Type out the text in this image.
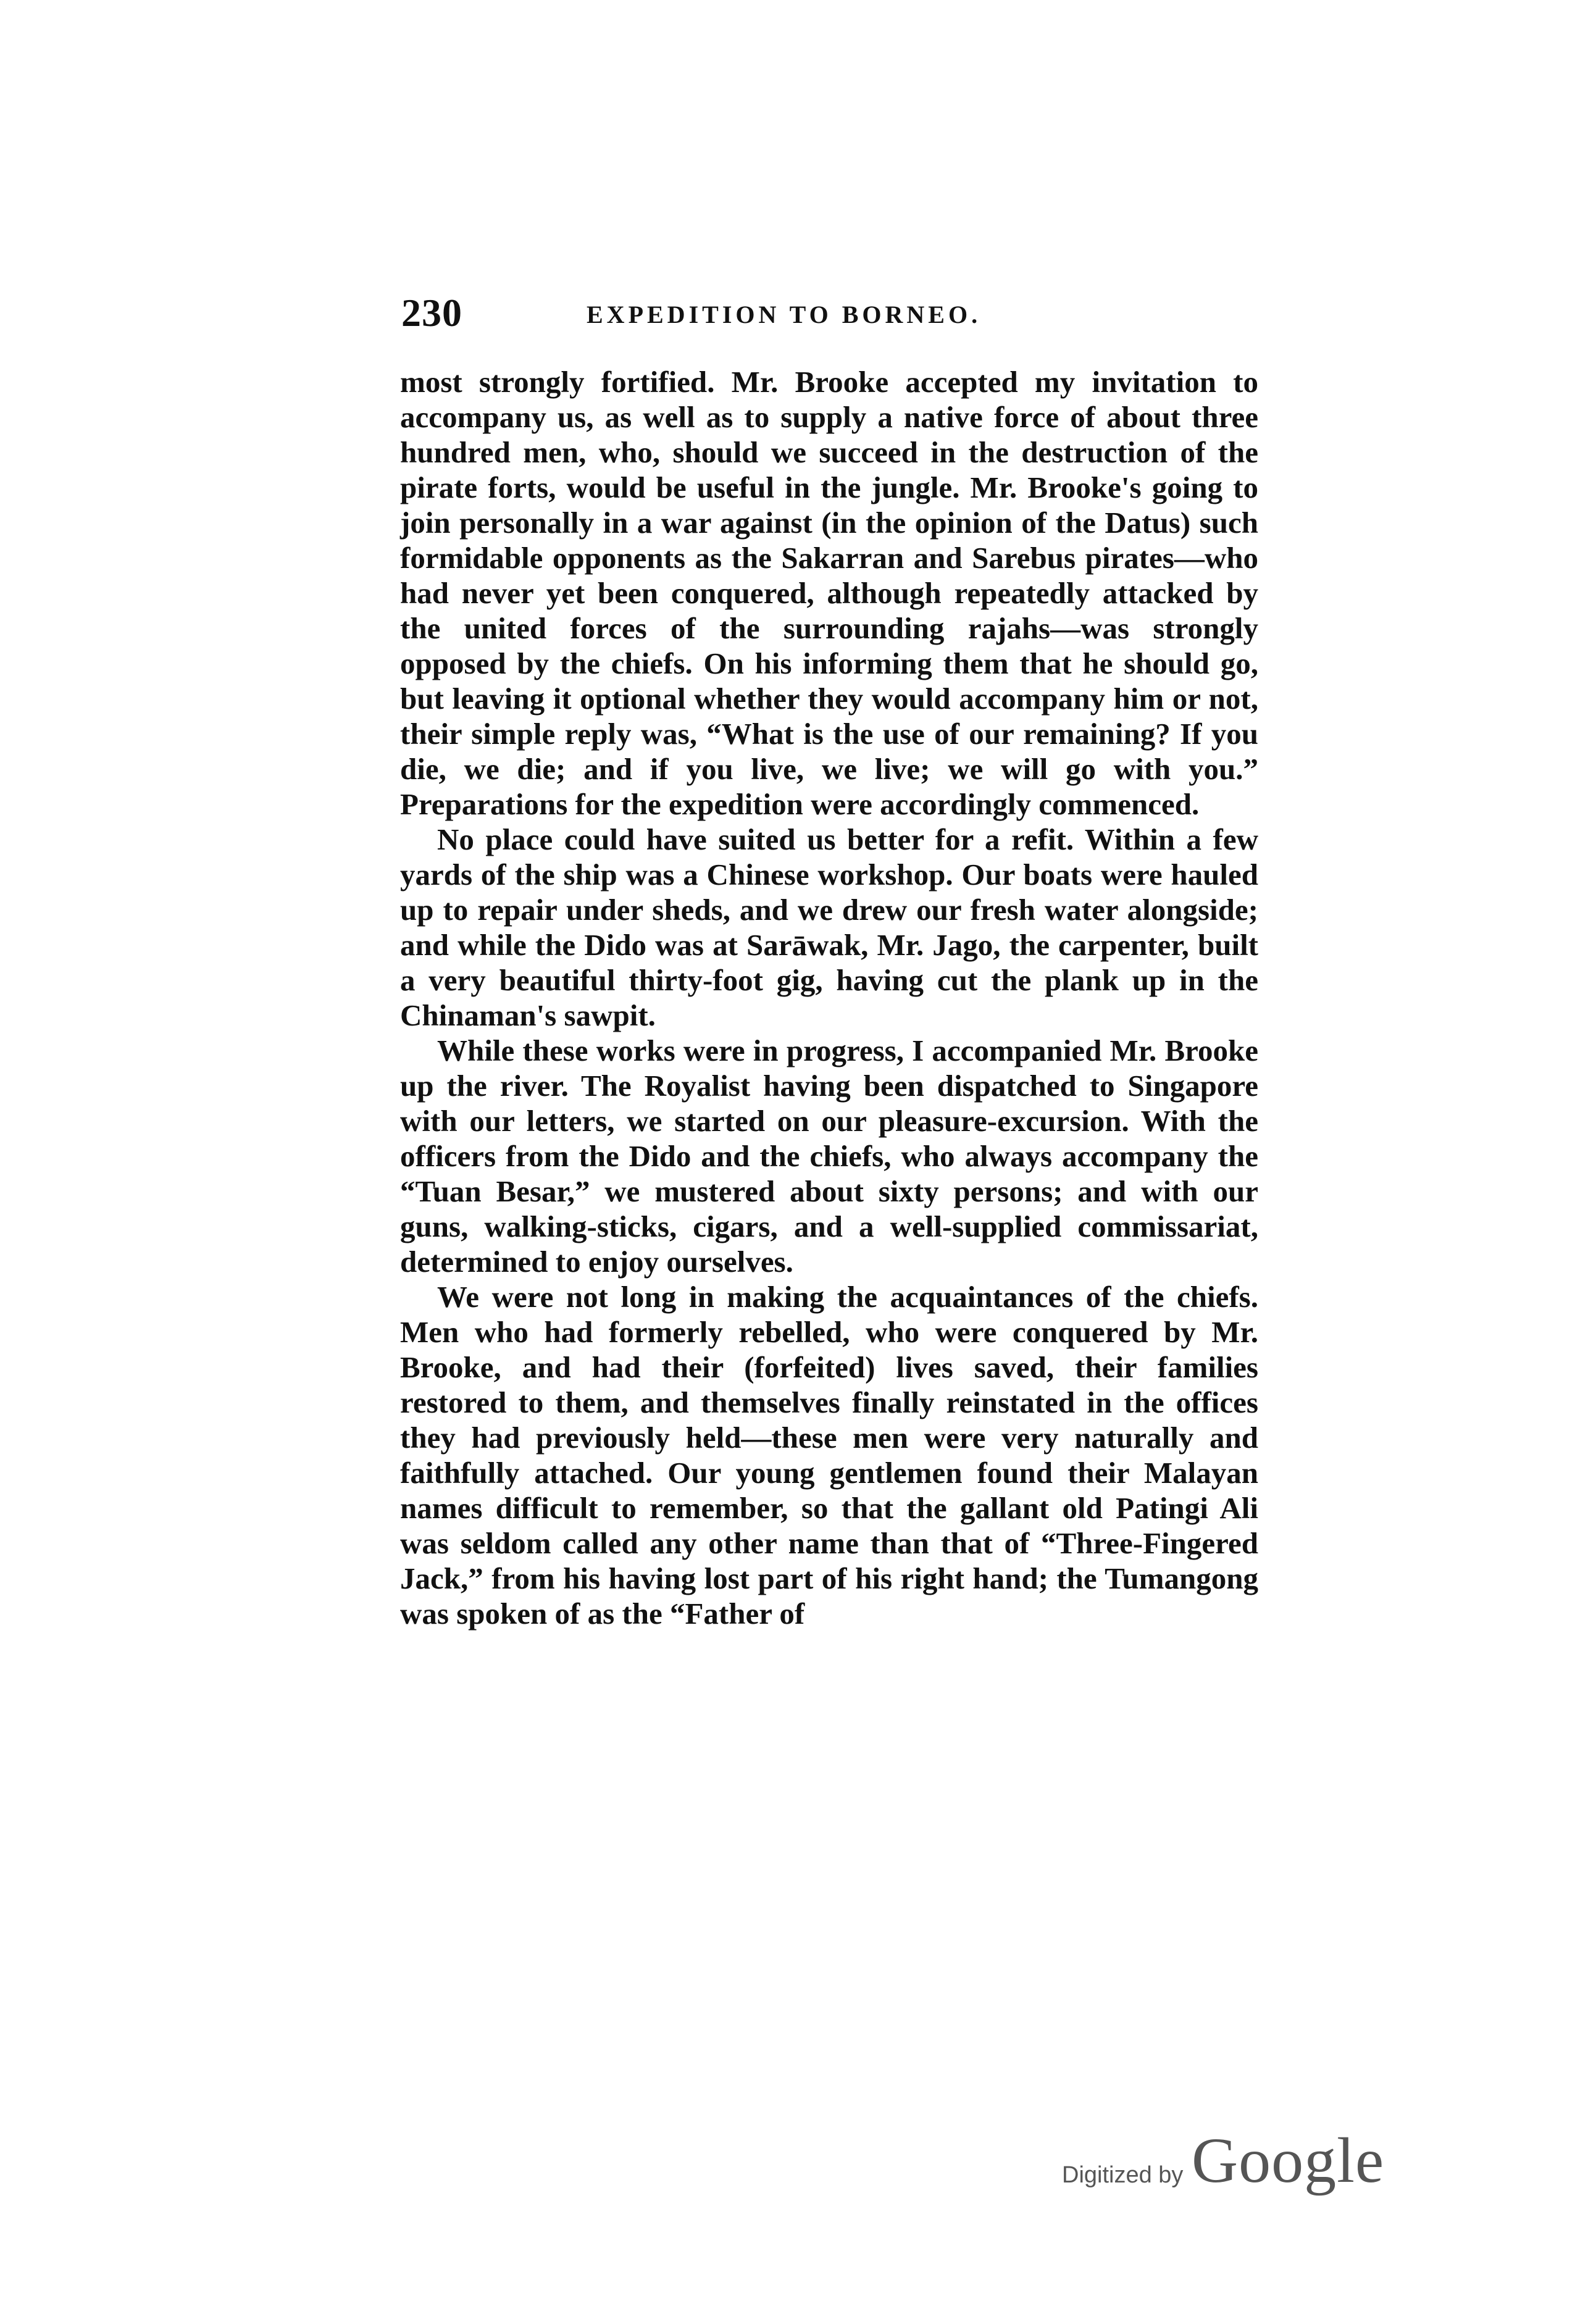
230	EXPEDITION TO BORNEO.

most strongly fortified. Mr. Brooke accepted my invitation to accompany us, as well as to supply a native force of about three hundred men, who, should we succeed in the destruction of the pirate forts, would be useful in the jungle. Mr. Brooke's going to join personally in a war against (in the opinion of the Datus) such formidable opponents as the Sakarran and Sarebus pirates—who had never yet been conquered, although repeatedly attacked by the united forces of the surrounding rajahs—was strongly opposed by the chiefs. On his informing them that he should go, but leaving it optional whether they would accompany him or not, their simple reply was, “What is the use of our remaining? If you die, we die; and if you live, we live; we will go with you.” Preparations for the expedition were accordingly commenced.

No place could have suited us better for a refit. Within a few yards of the ship was a Chinese workshop. Our boats were hauled up to repair under sheds, and we drew our fresh water alongside; and while the Dido was at Sarāwak, Mr. Jago, the carpenter, built a very beautiful thirty-foot gig, having cut the plank up in the Chinaman's sawpit.

While these works were in progress, I accompanied Mr. Brooke up the river. The Royalist having been dispatched to Singapore with our letters, we started on our pleasure-excursion. With the officers from the Dido and the chiefs, who always accompany the “Tuan Besar,” we mustered about sixty persons; and with our guns, walking-sticks, cigars, and a well-supplied commissariat, determined to enjoy ourselves.

We were not long in making the acquaintances of the chiefs. Men who had formerly rebelled, who were conquered by Mr. Brooke, and had their (forfeited) lives saved, their families restored to them, and themselves finally reinstated in the offices they had previously held—these men were very naturally and faithfully attached. Our young gentlemen found their Malayan names difficult to remember, so that the gallant old Patingi Ali was seldom called any other name than that of “Three-Fingered Jack,” from his having lost part of his right hand; the Tumangong was spoken of as the “Father of

Digitized by Google
